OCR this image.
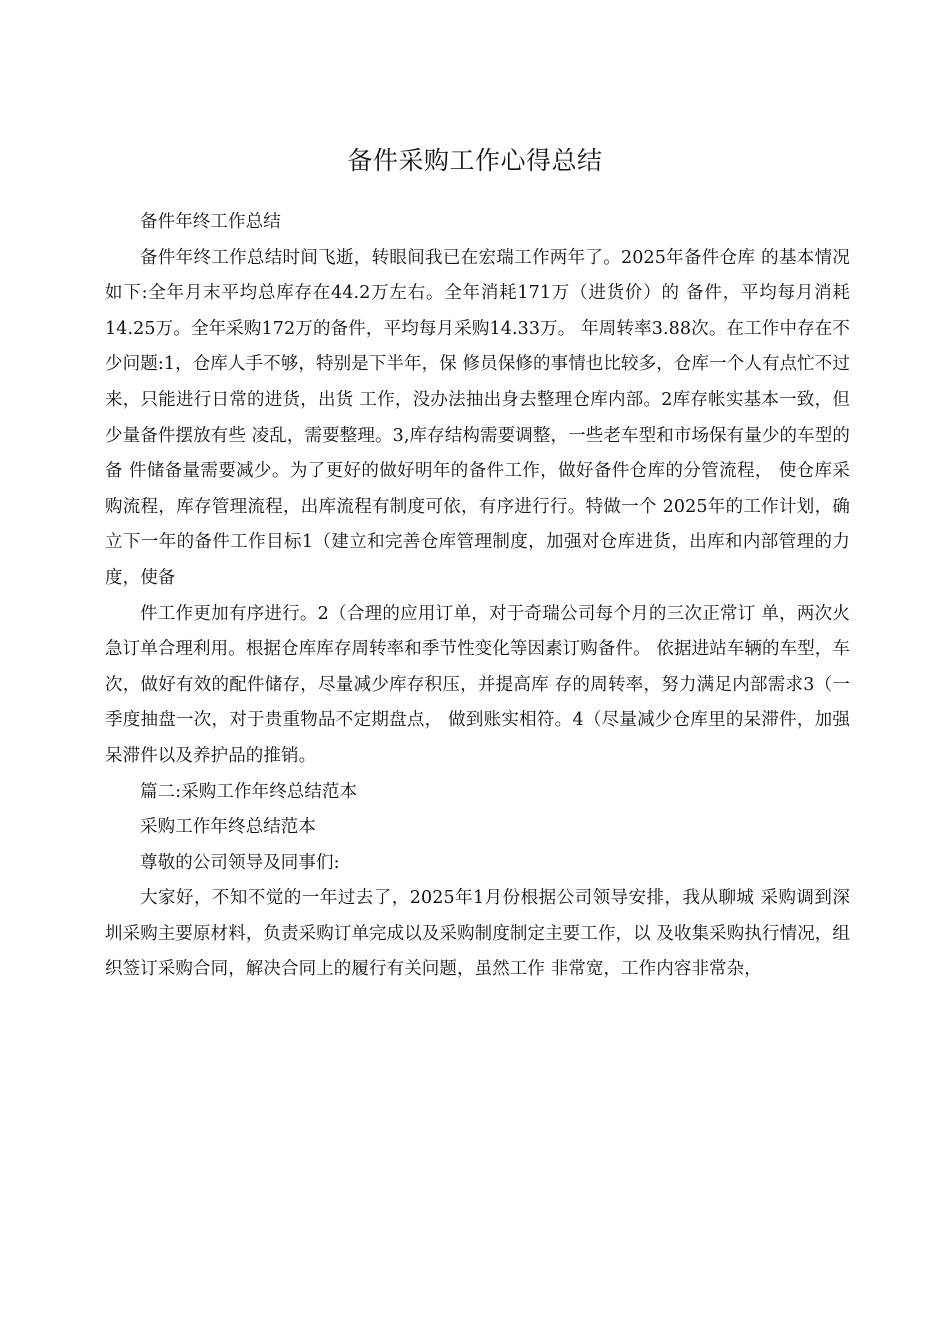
备件采购工作心得总结

备件年终工作总结

备件年终工作总结时间飞逝，转眼间我已在宏瑞工作两年了。2025年备件仓库 的基本情况如下:全年月末平均总库存在44.2万左右。全年消耗171万（进货价）的 备件，平均每月消耗14.25万。全年采购172万的备件，平均每月采购14.33万。 年周转率3.88次。在工作中存在不少问题:1，仓库人手不够，特别是下半年，保 修员保修的事情也比较多，仓库一个人有点忙不过来，只能进行日常的进货，出货 工作，没办法抽出身去整理仓库内部。2库存帐实基本一致，但少量备件摆放有些 凌乱，需要整理。3,库存结构需要调整，一些老车型和市场保有量少的车型的备 件储备量需要减少。为了更好的做好明年的备件工作，做好备件仓库的分管流程， 使仓库采购流程，库存管理流程，出库流程有制度可依，有序进行行。特做一个 2025年的工作计划，确立下一年的备件工作目标1（建立和完善仓库管理制度，加强对仓库进货，出库和内部管理的力度，使备

件工作更加有序进行。2（合理的应用订单，对于奇瑞公司每个月的三次正常订 单，两次火急订单合理利用。根据仓库库存周转率和季节性变化等因素订购备件。 依据进站车辆的车型，车次，做好有效的配件储存，尽量减少库存积压，并提高库 存的周转率，努力满足内部需求3（一季度抽盘一次，对于贵重物品不定期盘点， 做到账实相符。4（尽量减少仓库里的呆滞件，加强呆滞件以及养护品的推销。

篇二:采购工作年终总结范本

采购工作年终总结范本

尊敬的公司领导及同事们:

大家好，不知不觉的一年过去了，2025年1月份根据公司领导安排，我从聊城 采购调到深圳采购主要原材料，负责采购订单完成以及采购制度制定主要工作，以 及收集采购执行情况，组织签订采购合同，解决合同上的履行有关问题，虽然工作 非常宽，工作内容非常杂，
